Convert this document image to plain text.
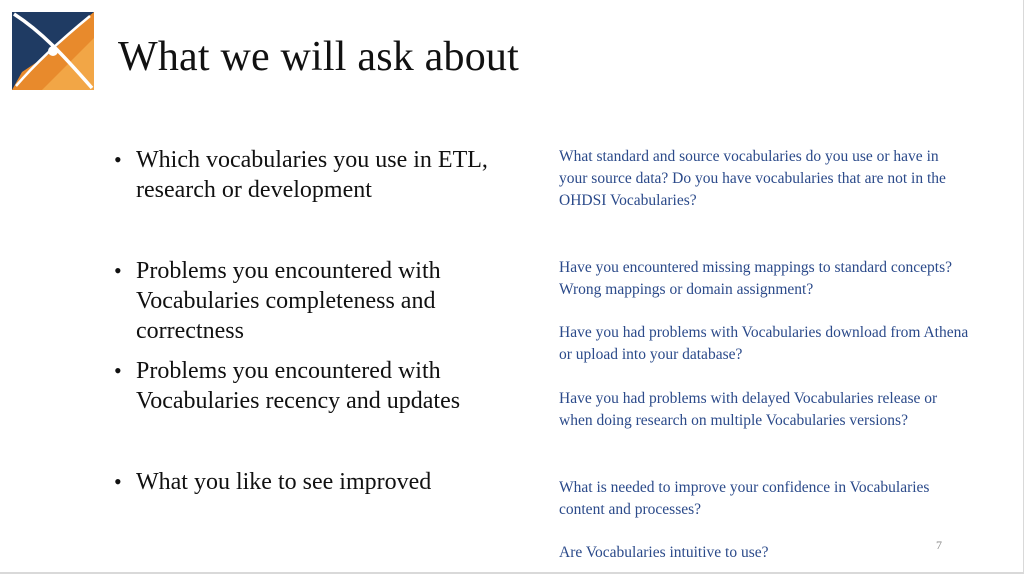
What we will ask about
• Which vocabularies you use in ETL, research or development
• Problems you encountered with Vocabularies completeness and correctness
• Problems you encountered with Vocabularies recency and updates
• What you like to see improved
What standard and source vocabularies do you use or have in your source data? Do you have vocabularies that are not in the OHDSI Vocabularies?
Have you encountered missing mappings to standard concepts? Wrong mappings or domain assignment?
Have you had problems with Vocabularies download from Athena or upload into your database?
Have you had problems with delayed Vocabularies release or when doing research on multiple Vocabularies versions?
What is needed to improve your confidence in Vocabularies content and processes?
Are Vocabularies intuitive to use?	7
